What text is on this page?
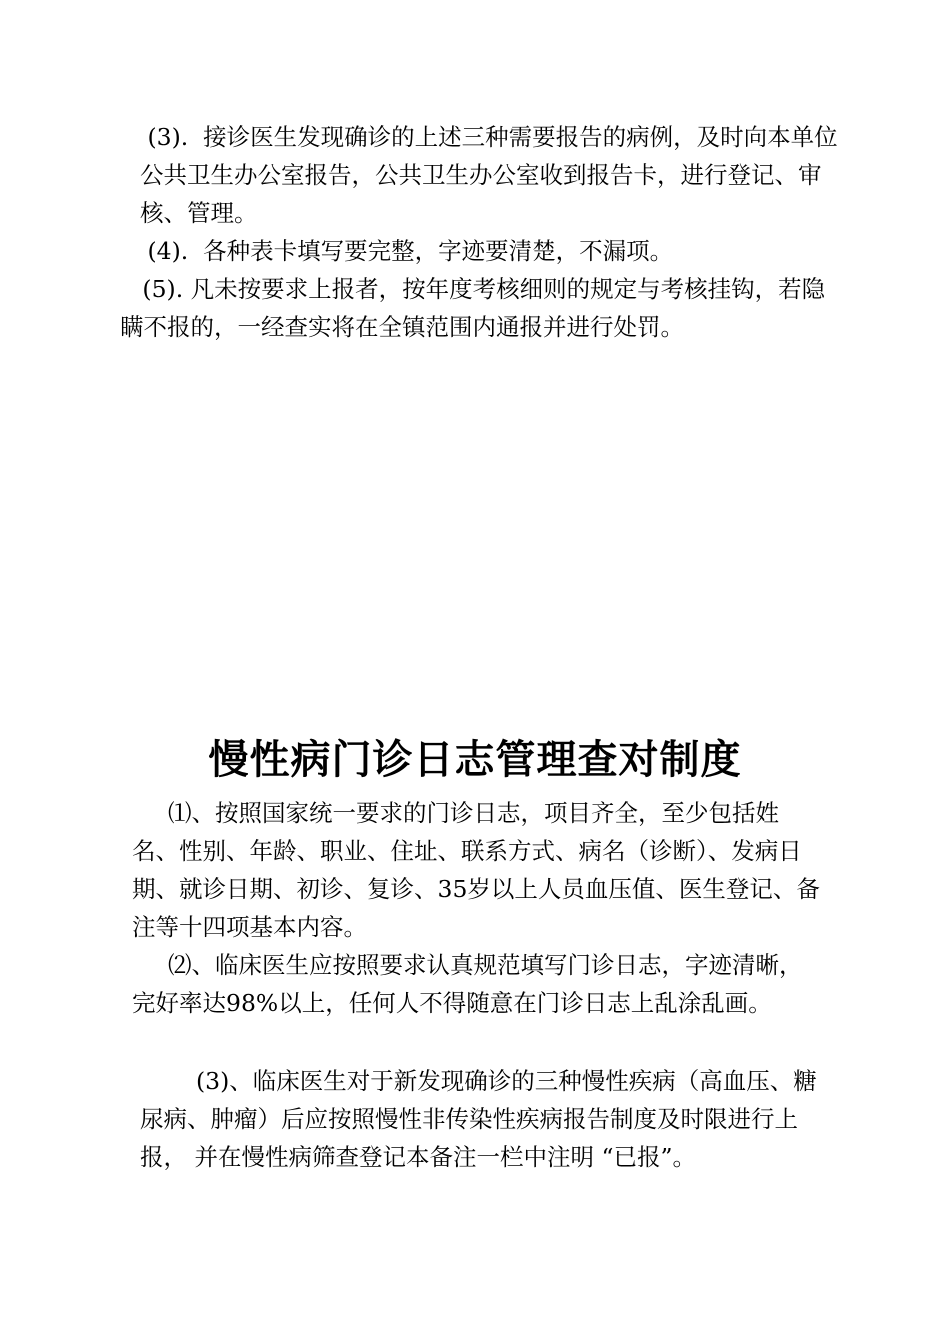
(3).  接诊医生发现确诊的上述三种需要报告的病例，及时向本单位公共卫生办公室报告，公共卫生办公室收到报告卡，进行登记、审核、管理。

(4).  各种表卡填写要完整，字迹要清楚，不漏项。

(5). 凡未按要求上报者，按年度考核细则的规定与考核挂钩，若隐瞒不报的，一经查实将在全镇范围内通报并进行处罚。

慢性病门诊日志管理查对制度

⑴、按照国家统一要求的门诊日志，项目齐全，至少包括姓名、性别、年龄、职业、住址、联系方式、病名（诊断）、发病日期、就诊日期、初诊、复诊、35岁以上人员血压值、医生登记、备注等十四项基本内容。

⑵、临床医生应按照要求认真规范填写门诊日志，字迹清晰，完好率达98%以上，任何人不得随意在门诊日志上乱涂乱画。

(3)、临床医生对于新发现确诊的三种慢性疾病（高血压、糖尿病、肿瘤）后应按照慢性非传染性疾病报告制度及时限进行上报， 并在慢性病筛查登记本备注一栏中注明 “已报”。
